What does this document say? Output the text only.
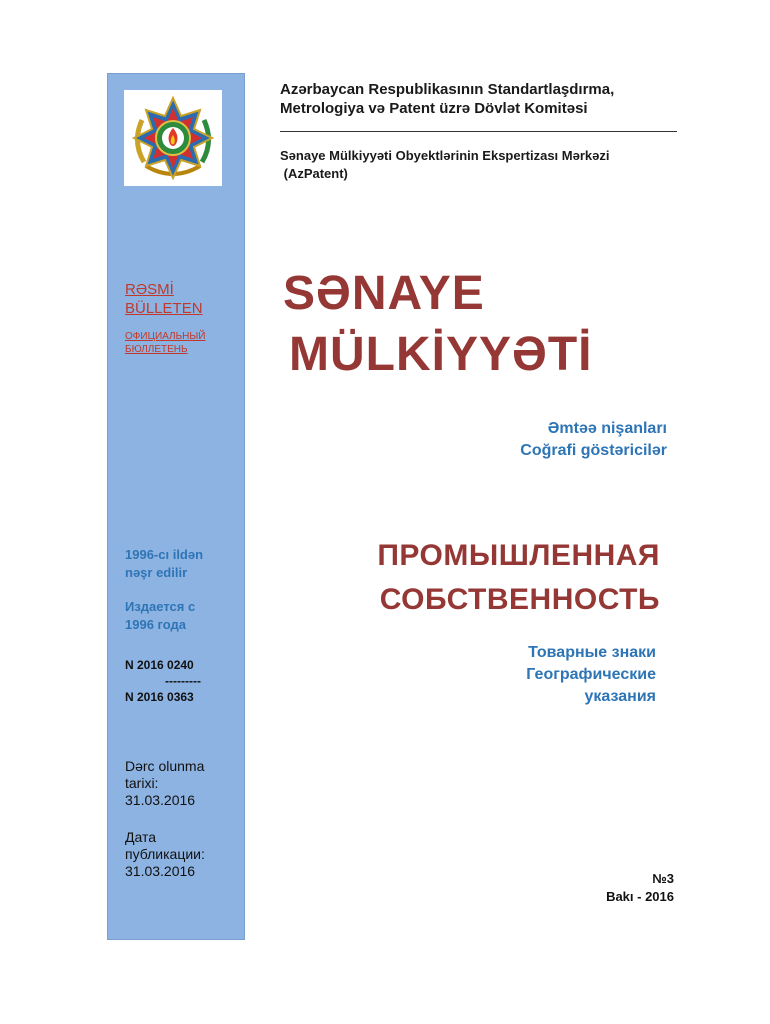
Azərbaycan Respublikasının Standartlaşdırma,
Metrologiya və Patent üzrə Dövlət Komitəsi
Sənaye Mülkiyyəti Obyektlərinin Ekspertizası Mərkəzi
(AzPatent)
RƏSMİ
BÜLLETEN
ОФИЦИАЛЬНЫЙ
БЮЛЛЕТЕНЬ
SƏNAYE
MÜLKİYYƏTİ
Əmtəə nişanları
Coğrafi göstəricilər
1996-cı ildən
nəşr edilir
Издается с
1996 года
ПРОМЫШЛЕННАЯ
СОБСТВЕННОСТЬ
Товарные знаки
Географические
указания
N 2016 0240
---------
N 2016 0363
Dərc olunma
tarixi:
31.03.2016
Дата
публикации:
31.03.2016	№3
Bakı - 2016
